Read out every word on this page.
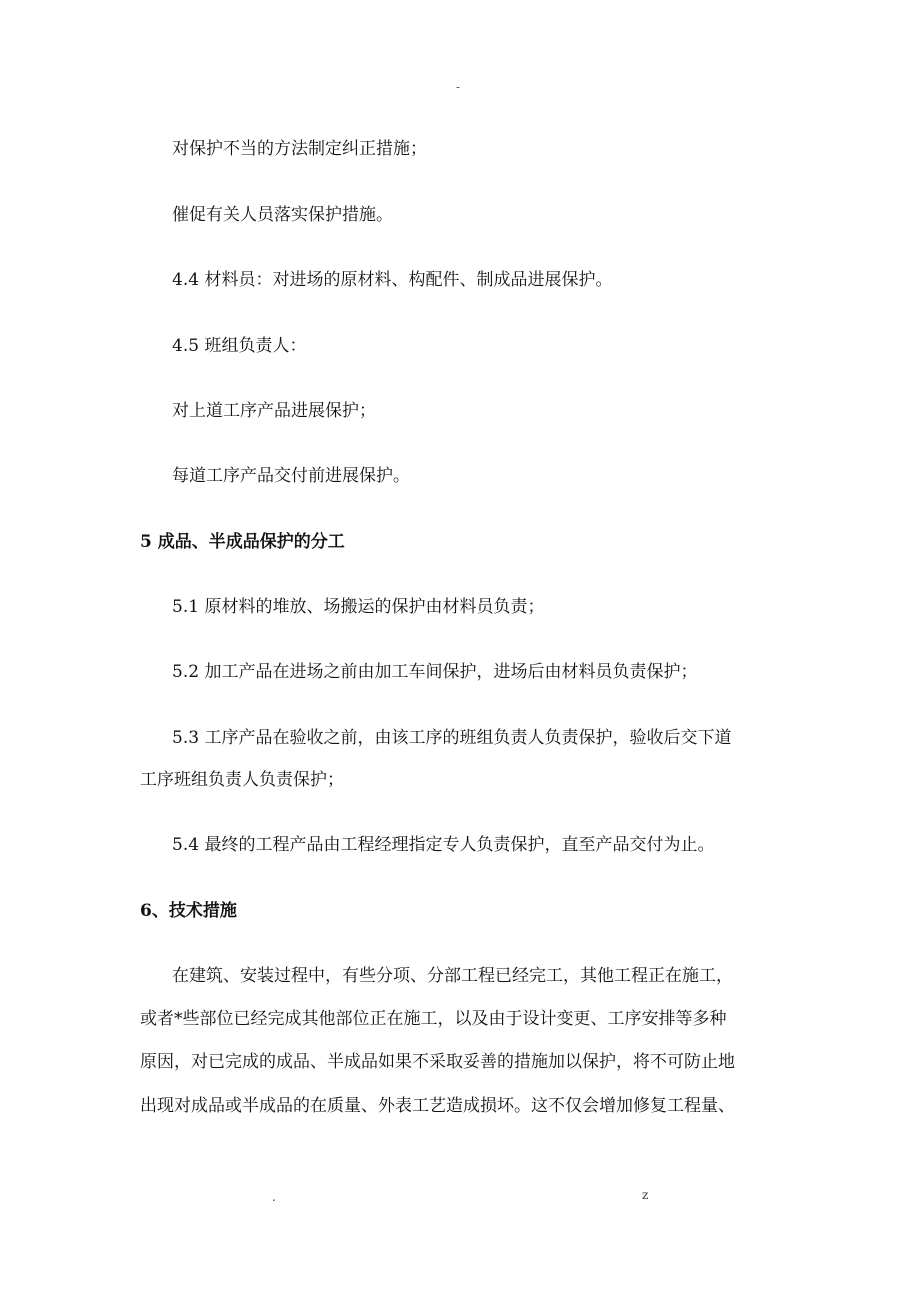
-
对保护不当的方法制定纠正措施；
催促有关人员落实保护措施。
4.4 材料员：对进场的原材料、构配件、制成品进展保护。
4.5 班组负责人：
对上道工序产品进展保护；
每道工序产品交付前进展保护。
5 成品、半成品保护的分工
5.1 原材料的堆放、场搬运的保护由材料员负责；
5.2 加工产品在进场之前由加工车间保护，进场后由材料员负责保护；
5.3 工序产品在验收之前，由该工序的班组负责人负责保护，验收后交下道
工序班组负责人负责保护；
5.4 最终的工程产品由工程经理指定专人负责保护，直至产品交付为止。
6、技术措施
在建筑、安装过程中，有些分项、分部工程已经完工，其他工程正在施工，
或者*些部位已经完成其他部位正在施工，以及由于设计变更、工序安排等多种
原因，对已完成的成品、半成品如果不采取妥善的措施加以保护，将不可防止地
出现对成品或半成品的在质量、外表工艺造成损坏。这不仅会增加修复工程量、
.	z
